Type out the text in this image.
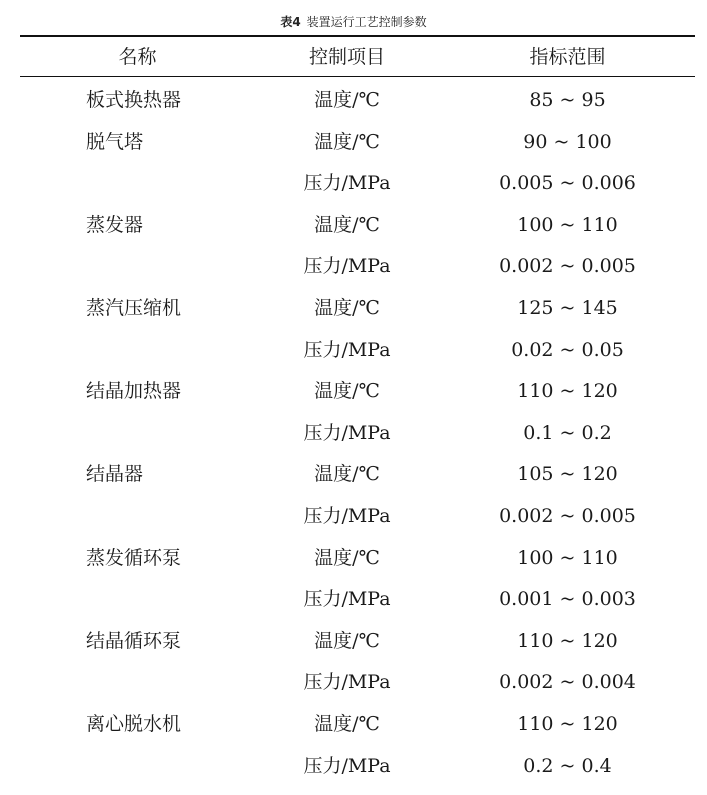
表4 装置运行工艺控制参数
名称	控制项目	指标范围
板式换热器	温度/℃	85 ~ 95
脱气塔	温度/℃	90 ~ 100
压力/MPa	0.005 ~ 0.006
蒸发器	温度/℃	100 ~ 110
压力/MPa	0.002 ~ 0.005
蒸汽压缩机	温度/℃	125 ~ 145
压力/MPa	0.02 ~ 0.05
结晶加热器	温度/℃	110 ~ 120
压力/MPa	0.1 ~ 0.2
结晶器	温度/℃	105 ~ 120
压力/MPa	0.002 ~ 0.005
蒸发循环泵	温度/℃	100 ~ 110
压力/MPa	0.001 ~ 0.003
结晶循环泵	温度/℃	110 ~ 120
压力/MPa	0.002 ~ 0.004
离心脱水机	温度/℃	110 ~ 120
压力/MPa	0.2 ~ 0.4
